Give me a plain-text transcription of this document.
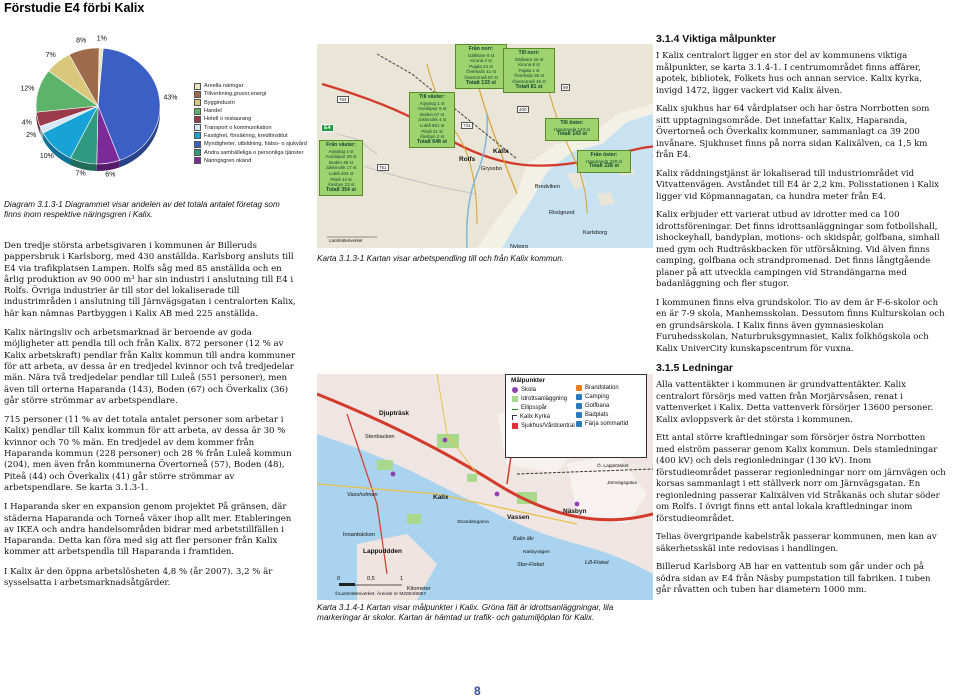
Förstudie E4 förbi Kalix
43%
6%
7%
10%
2%
4%
12%
7%
8% 1%
Areella näringar
Tillverkning,gruvor,energi
Byggindustri
Handel
Hotell o restaurang
Transport o kommunikation
Fastighet, försäkring, kreditinstitut
Myndigheter, utbildning, hälso- o sjukvård
Andra samhälleliga o personliga tjänster
Näringsgren okänd
Diagram 3.1.3-1 Diagrammet visar andelen av det totala antalet företag som finns inom respektive näringsgren i Kalix.

Den tredje största arbetsgivaren i kommunen är Billeruds pappersbruk i Karlsborg, med 430 anställda. Karlsborg ansluts till E4 via trafikplatsen Lampen. Rolfs såg med 85 anställda och en årlig produktion av 90 000 m³ har sin industri i anslutning till E4 i Rolfs. Övriga industrier är till stor del lokaliserade till industrimråden i anslutning till Järnvägsgatan i centralorten Kalix, här kan nämnas Partbyggen i Kalix AB med 225 anställda.

Kalix näringsliv och arbetsmarknad är beroende av goda möjligheter att pendla till och från Kalix. 872 personer (12 % av Kalix arbetskraft) pendlar från Kalix kommun till andra kommuner för att arbeta, av dessa är en tredjedel kvinnor och två tredjedelar män. Nära två tredjedelar pendlar till Luleå (551 personer), men även till orterna Haparanda (143), Boden (67) och Överkalix (36) går större strömmar av arbetspendlare.

715 personer (11 % av det totala antalet personer som arbetar i Kalix) pendlar till Kalix kommun för att arbeta, av dessa är 30 % kvinnor och 70 % män. En tredjedel av dem kommer från Haparanda kommun (228 personer) och 28 % från Luleå kommun (204), men även från kommunerna Övertorneå (57), Boden (48), Piteå (44) och Överkalix (41) går större strömmar av arbetspendlare. Se karta 3.1.3-1.

I Haparanda sker en expansion genom projektet På gränsen, där städerna Haparanda och Torneå växer ihop allt mer. Etableringen av IKEA och andra handelsområden bidrar med arbetstillfällen i Haparanda. Detta kan föra med sig att fler personer från Kalix kommer att arbetspendla till Haparanda i framtiden.

I Kalix är den öppna arbetslösheten 4,8 % (år 2007). 3,2 % är sysselsatta i arbetsmarknadsåtgärder.

Från norr:
Gällivare 8 st
Kiruna 2 st
Pajala 24 st
Överkalix 41 st
Övertorneå 57 st
Totalt 133 st
Till norr:
Gällivare 15 st
Kiruna 8 st
Pajala 1 st
Överkalix 36 st
Övertorneå 16 st
Totalt 81 st
Till väster:
Arjeplog 1 st
Arvidsjaur 5 st
Boden 67 st
Jokkmokk 4 st
Luleå 551 st
Piteå 21 st
Älvsbyn 2 st
Totalt 648 st
Från väster:
Arjeplog 4 st
Arvidsjaur 20 st
Boden 48 st
Jokkmokk 17 st
Luleå 204 st
Piteå 44 st
Älvsbyn 23 st
Totalt 354 st
Till öster:
Haparanda 143 st
Totalt 143 st
Från öster:
Haparanda 228 st
Totalt 228 st
Kalix
Rolfs
Gryssbo
Bredviken
Risögrund
Karlsborg
Nyborg
E4
764
731
99
400
761
Lantmäteriverket
Karta 3.1.3-1 Kartan visar arbetspendling till och från Kalix kommun.
Djupträsk
Stenbacken
Vassholmen
Innanbäcken
Lappuddden
Kalix
Vassen
Näsbyn
Stor-Fisket	Lill-Fisket
Ö. Lappträsket
Näsbyvägen
Strandängarna
Kalix älv
Järnvägsgatan
0	0,5	1
Kilometer
©Lantmäteriverket. Ärende nr M2004/5067
Målpunkter
Skola
Idrottsanläggning
Ellipsspår
Kalix Kyrka
Sjukhus/Vårdcentral
Brandstation
Camping
Golfbana
Badplats
Färja sommartid
Karta 3.1.4-1 Kartan visar målpunkter i Kalix. Gröna fält är idrottsanläggningar, lila markeringar är skolor. Kartan är hämtad ur trafik- och gatumiljöplan för Kalix.
3.1.4 Viktiga målpunkter

I Kalix centralort ligger en stor del av kommunens viktiga målpunkter, se karta 3.1.4-1. I centrumområdet finns affärer, apotek, bibliotek, Folkets hus och annan service. Kalix kyrka, invigd 1472, ligger vackert vid Kalix älven.

Kalix sjukhus har 64 vårdplatser och har östra Norrbotten som sitt upptagningsområde. Det innefattar Kalix, Haparanda, Övertorneå och Överkalix kommuner, sammanlagt ca 39 200 invånare. Sjukhuset finns på norra sidan Kalixälven, ca 1,5 km från E4.

Kalix räddningstjänst är lokaliserad till industriområdet vid Vitvattenvägen. Avståndet till E4 är 2,2 km. Polisstationen i Kalix ligger vid Köpmannagatan, ca hundra meter från E4.

Kalix erbjuder ett varierat utbud av idrotter med ca 100 idrottsföreningar. Det finns idrottsanläggningar som fotbollshall, ishockeyhall, bandyplan, motions- och skidspår, golfbana, simhall med gym och Rudträskbacken för utförsåkning. Vid älven finns camping, golfbana och strandpromenad. Det finns långtgående planer på att utveckla campingen vid Strandängarna med badanläggning och fler stugor.

I kommunen finns elva grundskolor. Tio av dem är F-6-skolor och en är 7-9 skola, Manhemsskolan. Dessutom finns Kulturskolan och en grundsärskola. I Kalix finns även gymnasieskolan Furuhedsskolan, Naturbruksgymnasiet, Kalix folkhögskola och Kalix UniverCity kunskapscentrum för vuxna.

3.1.5 Ledningar

Alla vattentäkter i kommunen är grundvattentäkter. Kalix centralort försörjs med vatten från Morjärvsåsen, renat i vattenverket i Kalix. Detta vattenverk försörjer 13600 personer. Kalix avloppsverk är det största i kommunen.

Ett antal större kraftledningar som försörjer östra Norrbotten med elström passerar genom Kalix kommun. Dels stamledningar (400 kV) och dels regionledningar (130 kV). Inom förstudieområdet passerar regionledningar norr om järnvägen och korsas sammanlagt i ett ställverk norr om Järnvägsgatan. En regionledning passerar Kalixälven vid Stråkanäs och slutar söder om Rolfs. I övrigt finns ett antal lokala kraftledningar inom förstudieområdet.

Telias övergripande kabelstråk passerar kommunen, men kan av säkerhetsskäl inte redovisas i handlingen.

Billerud Karlsborg AB har en vattentub som går under och på södra sidan av E4 från Näsby pumpstation till fabriken. I tuben går råvatten och tuben har diametern 1000 mm.

8
